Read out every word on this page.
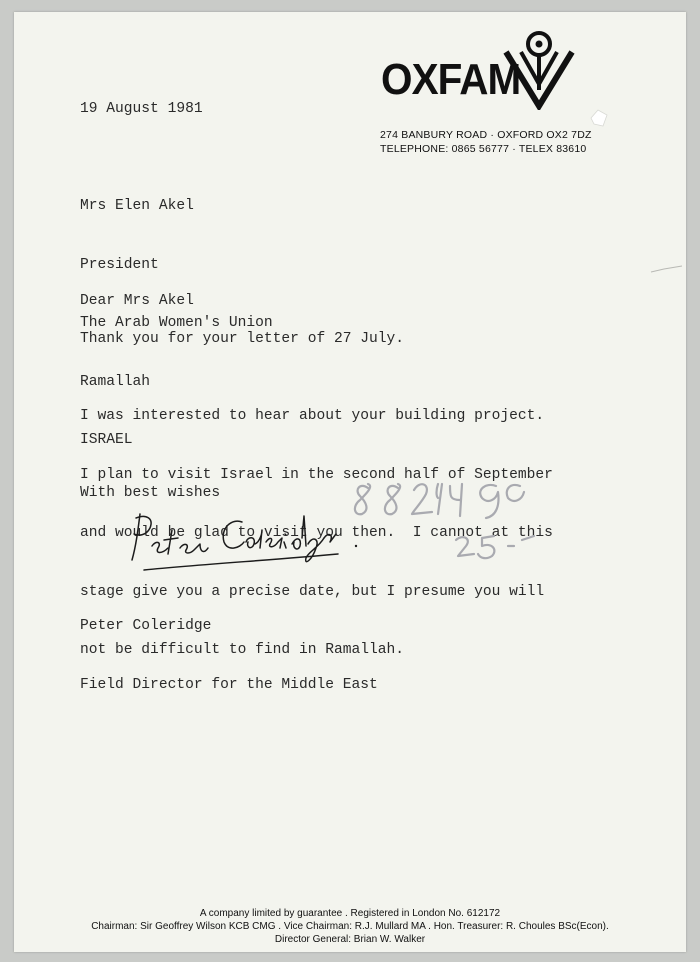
OXFAM
274 BANBURY ROAD · OXFORD OX2 7DZ
TELEPHONE: 0865 56777 · TELEX 83610
19 August 1981

Mrs Elen Akel

President

The Arab Women's Union

Ramallah

ISRAEL

Dear Mrs Akel
Thank you for your letter of 27 July.

I was interested to hear about your building project.

I plan to visit Israel in the second half of September

and would be glad to visit you then.  I cannot at this

stage give you a precise date, but I presume you will

not be difficult to find in Ramallah.

With best wishes

Peter Coleridge

Field Director for the Middle East

A company limited by guarantee . Registered in London No. 612172
Chairman: Sir Geoffrey Wilson KCB CMG . Vice Chairman: R.J. Mullard MA . Hon. Treasurer: R. Choules BSc(Econ).
Director General: Brian W. Walker
